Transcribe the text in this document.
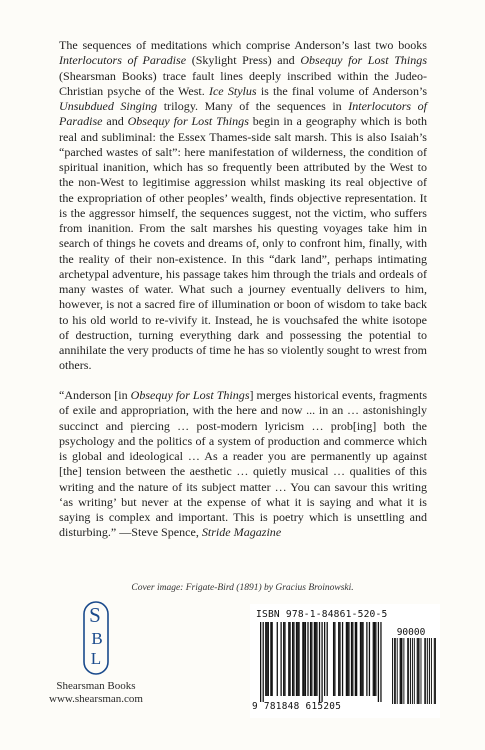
The sequences of meditations which comprise Anderson’s last two books Interlocutors of Paradise (Skylight Press) and Obsequy for Lost Things (Shearsman Books) trace fault lines deeply inscribed within the Judeo-Christian psyche of the West. Ice Stylus is the final volume of Anderson’s Unsubdued Singing trilogy. Many of the sequences in Interlocutors of Paradise and Obsequy for Lost Things begin in a geography which is both real and subliminal: the Essex Thames-side salt marsh. This is also Isaiah’s “parched wastes of salt”: here manifestation of wilderness, the condition of spiritual inanition, which has so frequently been attributed by the West to the non-West to legitimise aggression whilst masking its real objective of the expropriation of other peoples’ wealth, finds objective representation. It is the aggressor himself, the sequences suggest, not the victim, who suffers from inanition. From the salt marshes his questing voyages take him in search of things he covets and dreams of, only to confront him, finally, with the reality of their non-existence. In this “dark land”, perhaps intimating archetypal adventure, his passage takes him through the trials and ordeals of many wastes of water. What such a journey eventually delivers to him, however, is not a sacred fire of illumination or boon of wisdom to take back to his old world to re-vivify it. Instead, he is vouchsafed the white isotope of destruction, turning everything dark and possessing the potential to annihilate the very products of time he has so violently sought to wrest from others.

“Anderson [in Obsequy for Lost Things] merges historical events, fragments of exile and appropriation, with the here and now ... in an … astonishingly succinct and piercing … post-modern lyricism … prob[ing] both the psychology and the politics of a system of production and commerce which is global and ideological … As a reader you are permanently up against [the] tension between the aesthetic … quietly musical … qualities of this writing and the nature of its subject matter … You can savour this writing ‘as writing’ but never at the expense of what it is saying and what it is saying is complex and important. This is poetry which is unsettling and disturbing.” —Steve Spence, Stride Magazine

Cover image: Frigate-Bird (1891) by Gracius Broinowski.
S
B
L
Shearsman Books
www.shearsman.com
ISBN 978-1-84861-520-5
90000
9 781848 615205
